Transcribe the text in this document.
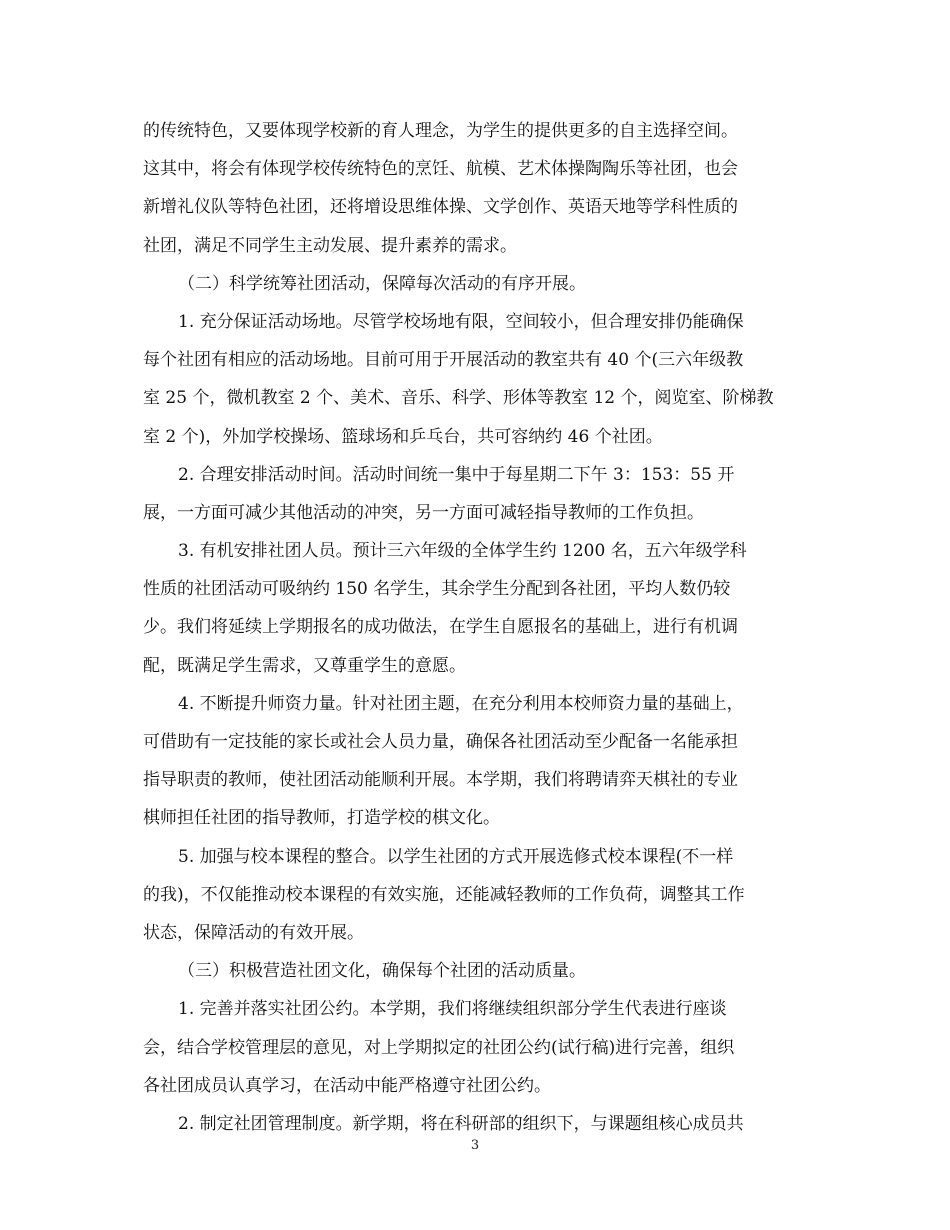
的传统特色，又要体现学校新的育人理念，为学生的提供更多的自主选择空间。
这其中，将会有体现学校传统特色的烹饪、航模、艺术体操陶陶乐等社团，也会
新增礼仪队等特色社团，还将增设思维体操、文学创作、英语天地等学科性质的
社团，满足不同学生主动发展、提升素养的需求。
（二）科学统筹社团活动，保障每次活动的有序开展。
1. 充分保证活动场地。尽管学校场地有限，空间较小，但合理安排仍能确保
每个社团有相应的活动场地。目前可用于开展活动的教室共有 40 个(三六年级教
室 25 个，微机教室 2 个、美术、音乐、科学、形体等教室 12 个，阅览室、阶梯教
室 2 个)，外加学校操场、篮球场和乒乓台，共可容纳约 46 个社团。
2. 合理安排活动时间。活动时间统一集中于每星期二下午 3：153：55 开
展，一方面可减少其他活动的冲突，另一方面可减轻指导教师的工作负担。
3. 有机安排社团人员。预计三六年级的全体学生约 1200 名，五六年级学科
性质的社团活动可吸纳约 150 名学生，其余学生分配到各社团，平均人数仍较
少。我们将延续上学期报名的成功做法，在学生自愿报名的基础上，进行有机调
配，既满足学生需求，又尊重学生的意愿。
4. 不断提升师资力量。针对社团主题，在充分利用本校师资力量的基础上，
可借助有一定技能的家长或社会人员力量，确保各社团活动至少配备一名能承担
指导职责的教师，使社团活动能顺利开展。本学期，我们将聘请弈天棋社的专业
棋师担任社团的指导教师，打造学校的棋文化。
5. 加强与校本课程的整合。以学生社团的方式开展选修式校本课程(不一样
的我)，不仅能推动校本课程的有效实施，还能减轻教师的工作负荷，调整其工作
状态，保障活动的有效开展。
（三）积极营造社团文化，确保每个社团的活动质量。
1. 完善并落实社团公约。本学期，我们将继续组织部分学生代表进行座谈
会，结合学校管理层的意见，对上学期拟定的社团公约(试行稿)进行完善，组织
各社团成员认真学习，在活动中能严格遵守社团公约。
2. 制定社团管理制度。新学期，将在科研部的组织下，与课题组核心成员共
3
